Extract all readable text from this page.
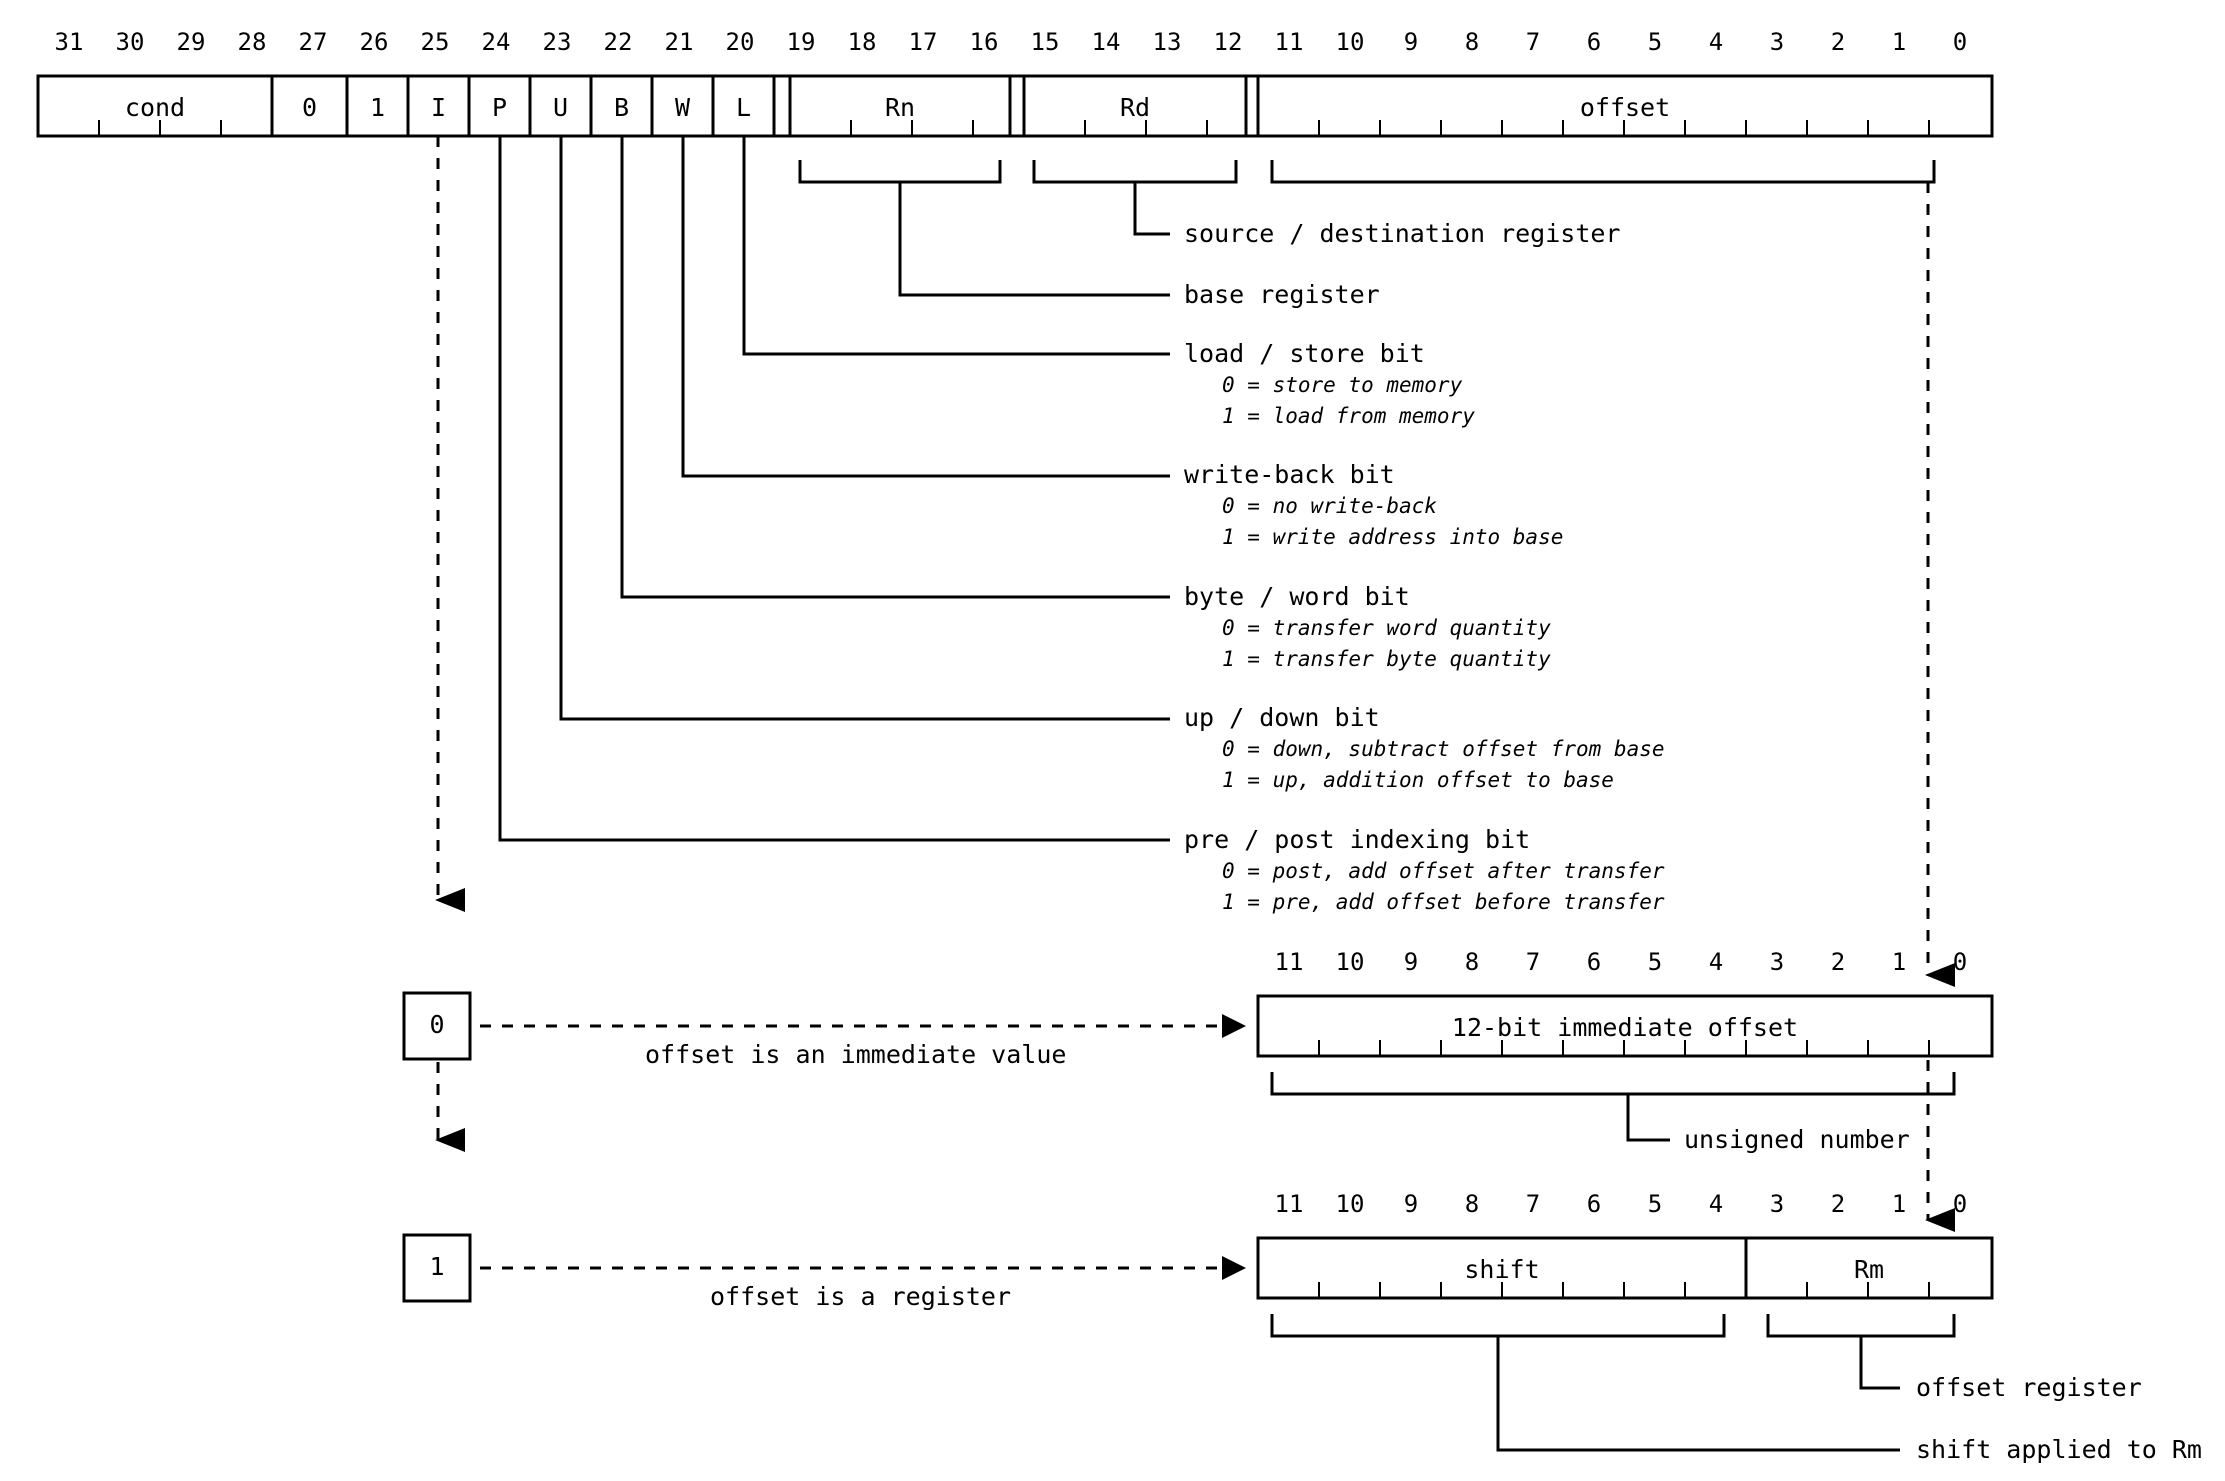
31 30 29 28 27 26 25 24 23 22 21 20 19 18 17 16 15 14 13 12 11 10	9	8	7	6	5	4	3	2	1	0
cond	0	1	I	P	U	B	W	L	Rn	Rd	offset
source / destination register
base register
load / store bit
0 = store to memory
1 = load from memory
write-back bit
0 = no write-back
1 = write address into base
byte / word bit
0 = transfer word quantity
1 = transfer byte quantity
up / down bit
0 = down, subtract offset from base
1 = up, addition offset to base
pre / post indexing bit
0 = post, add offset after transfer
1 = pre, add offset before transfer
0
offset is an immediate value
11 10	9	8	7	6	5	4	3	2	1	0
12-bit immediate offset
unsigned number
1
offset is a register
11 10	9	8	7	6	5	4	3	2	1	0
shift	Rm
offset register
shift applied to Rm
